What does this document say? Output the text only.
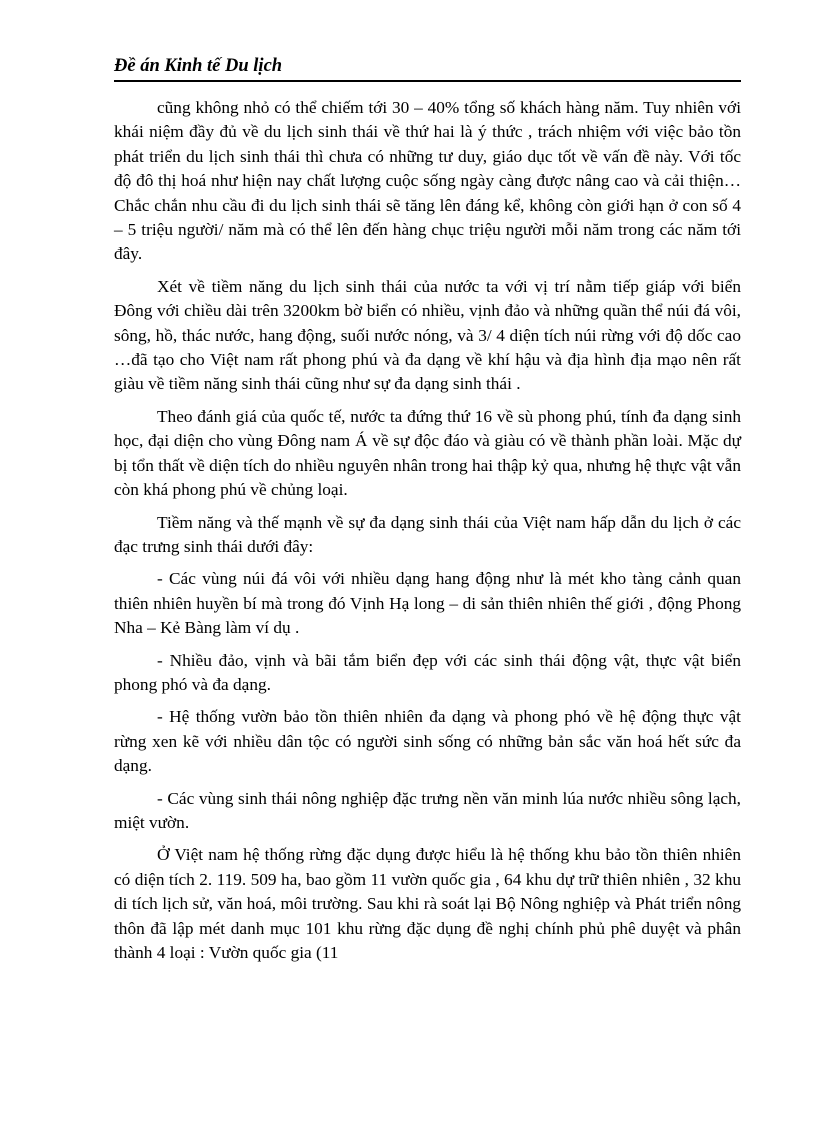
Đề án Kinh tế Du lịch

cũng không nhỏ có thể chiếm tới 30 – 40% tổng số khách hàng năm. Tuy nhiên với khái niệm đầy đủ về du lịch sinh thái về thứ hai là ý thức , trách nhiệm với việc bảo tồn phát triển du lịch sinh thái thì chưa có những tư duy, giáo dục tốt về vấn đề này. Với tốc độ đô thị hoá như hiện nay chất lượng cuộc sống ngày càng được nâng cao và cải thiện…Chắc chắn nhu cầu đi du lịch sinh thái sẽ tăng lên đáng kể, không còn giới hạn ở con số 4 – 5 triệu người/ năm mà có thể lên đến hàng chục triệu người mỗi năm trong các năm tới đây.

Xét về tiềm năng du lịch sinh thái của nước ta với vị trí nằm tiếp giáp với biển Đông với chiều dài trên 3200km bờ biển có nhiều, vịnh đảo và những quần thể núi đá vôi, sông, hồ, thác nước, hang động, suối nước nóng, và 3/ 4 diện tích núi rừng với độ dốc cao …đã tạo cho Việt nam rất phong phú và đa dạng về khí hậu và địa hình địa mạo nên rất giàu về tiềm năng sinh thái cũng như sự đa dạng sinh thái .

Theo đánh giá của quốc tế, nước ta đứng thứ 16 về sù phong phú, tính đa dạng sinh học, đại diện cho vùng Đông nam Á về sự độc đáo và giàu có về thành phần loài. Mặc dự bị tổn thất về diện tích do nhiều nguyên nhân trong hai thập kỷ qua, nhưng hệ thực vật vẫn còn khá phong phú về chủng loại.

Tiềm năng và thế mạnh về sự đa dạng sinh thái của Việt nam hấp dẫn du lịch ở các đạc trưng sinh thái dưới đây:

- Các vùng núi đá vôi với nhiều dạng hang động như là mét kho tàng cảnh quan thiên nhiên huyền bí mà trong đó Vịnh Hạ long – di sản thiên nhiên thế giới , động Phong Nha – Kẻ Bàng làm ví dụ .

- Nhiều đảo, vịnh và bãi tắm biển đẹp với các sinh thái động vật, thực vật biển phong phó và đa dạng.

- Hệ thống vườn bảo tồn thiên nhiên đa dạng và phong phó về hệ động thực vật rừng xen kẽ với nhiều dân tộc có người sinh sống có những bản sắc văn hoá hết sức đa dạng.

- Các vùng sinh thái nông nghiệp đặc trưng nền văn minh lúa nước nhiều sông lạch, miệt vườn.

Ở Việt nam hệ thống rừng đặc dụng được hiểu là hệ thống khu bảo tồn thiên nhiên có diện tích 2. 119. 509 ha, bao gồm 11 vườn quốc gia , 64 khu dự trữ thiên nhiên , 32 khu di tích lịch sử, văn hoá, môi trường. Sau khi rà soát lại Bộ Nông nghiệp và Phát triển nông thôn đã lập mét danh mục 101 khu rừng đặc dụng đề nghị chính phủ phê duyệt và phân thành 4 loại : Vườn quốc gia (11
